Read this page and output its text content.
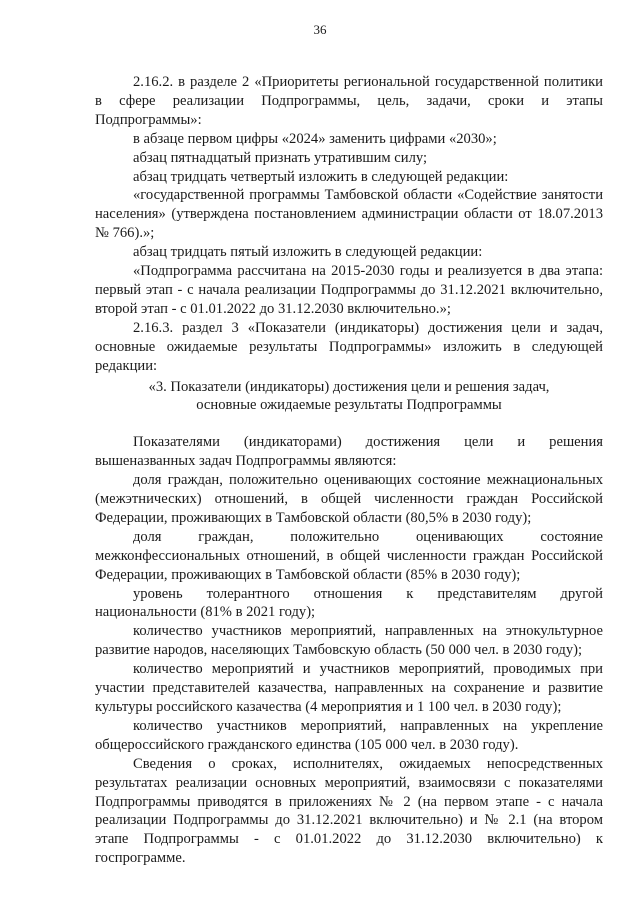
36

2.16.2. в разделе 2 «Приоритеты региональной государственной политики в сфере реализации Подпрограммы, цель, задачи, сроки и этапы Подпрограммы»:

в абзаце первом цифры «2024» заменить цифрами «2030»;

абзац пятнадцатый признать утратившим силу;

абзац тридцать четвертый изложить в следующей редакции:

«государственной программы Тамбовской области «Содействие занятости населения» (утверждена постановлением администрации области от 18.07.2013 № 766).»;

абзац тридцать пятый изложить в следующей редакции:

«Подпрограмма рассчитана на 2015-2030 годы и реализуется в два этапа: первый этап - с начала реализации Подпрограммы до 31.12.2021 включительно, второй этап - с 01.01.2022 до 31.12.2030 включительно.»;

2.16.3. раздел 3 «Показатели (индикаторы) достижения цели и задач, основные ожидаемые результаты Подпрограммы» изложить в следующей редакции:

«3. Показатели (индикаторы) достижения цели и решения задач,
основные ожидаемые результаты Подпрограммы

Показателями (индикаторами) достижения цели и решения вышеназванных задач Подпрограммы являются:

доля граждан, положительно оценивающих состояние межнациональных (межэтнических) отношений, в общей численности граждан Российской Федерации, проживающих в Тамбовской области (80,5% в 2030 году);

доля граждан, положительно оценивающих состояние межконфессиональных отношений, в общей численности граждан Российской Федерации, проживающих в Тамбовской области (85% в 2030 году);

уровень толерантного отношения к представителям другой национальности (81% в 2021 году);

количество участников мероприятий, направленных на этнокультурное развитие народов, населяющих Тамбовскую область (50 000 чел. в 2030 году);

количество мероприятий и участников мероприятий, проводимых при участии представителей казачества, направленных на сохранение и развитие культуры российского казачества (4 мероприятия и 1 100 чел. в 2030 году);

количество участников мероприятий, направленных на укрепление общероссийского гражданского единства (105 000 чел. в 2030 году).

Сведения о сроках, исполнителях, ожидаемых непосредственных результатах реализации основных мероприятий, взаимосвязи с показателями Подпрограммы приводятся в приложениях № 2 (на первом этапе - с начала реализации Подпрограммы до 31.12.2021 включительно) и № 2.1 (на втором этапе Подпрограммы - с 01.01.2022 до 31.12.2030 включительно) к госпрограмме.
